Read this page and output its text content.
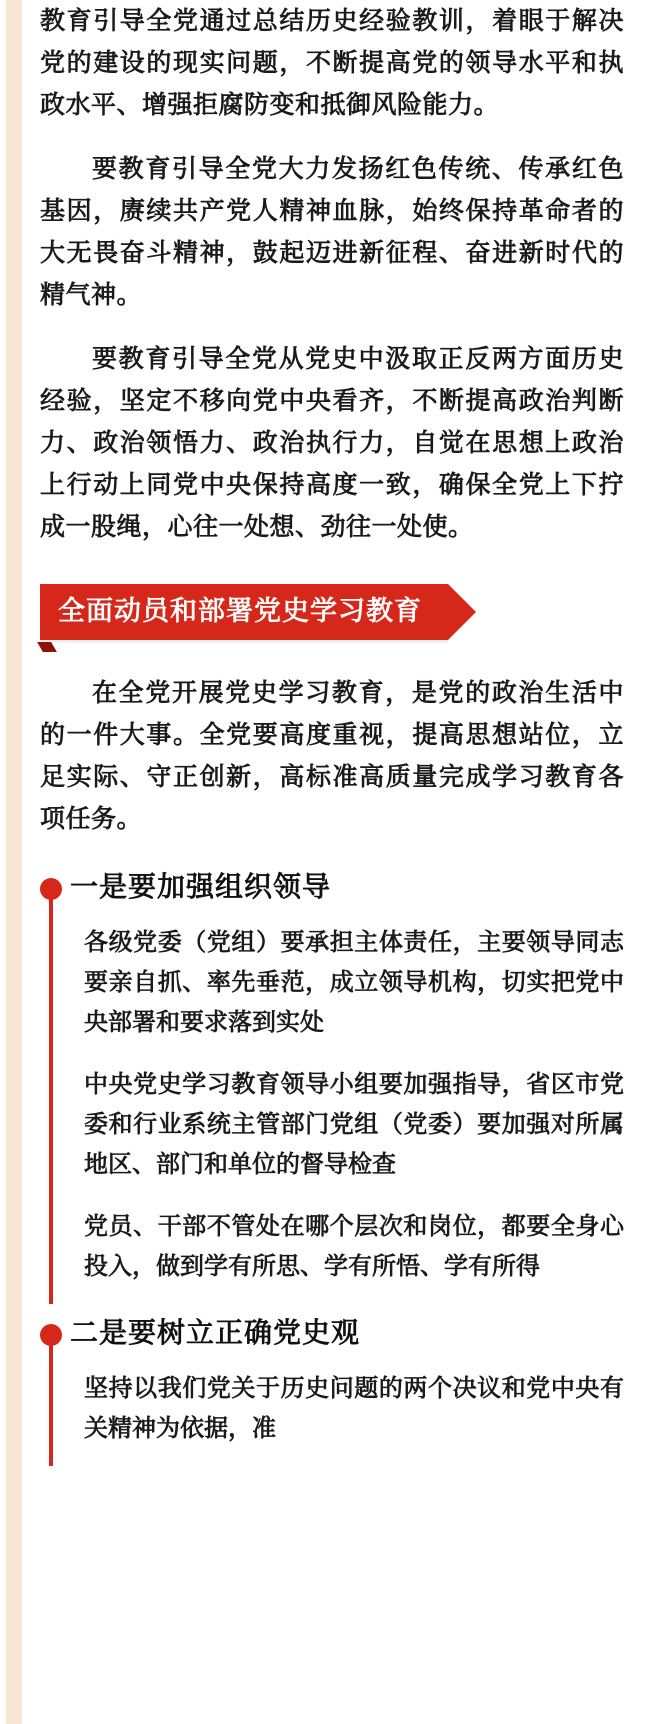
教育引导全党通过总结历史经验教训，着眼于解决党的建设的现实问题，不断提高党的领导水平和执政水平、增强拒腐防变和抵御风险能力。

要教育引导全党大力发扬红色传统、传承红色基因，赓续共产党人精神血脉，始终保持革命者的大无畏奋斗精神，鼓起迈进新征程、奋进新时代的精气神。

要教育引导全党从党史中汲取正反两方面历史经验，坚定不移向党中央看齐，不断提高政治判断力、政治领悟力、政治执行力，自觉在思想上政治上行动上同党中央保持高度一致，确保全党上下拧成一股绳，心往一处想、劲往一处使。

全面动员和部署党史学习教育

在全党开展党史学习教育，是党的政治生活中的一件大事。全党要高度重视，提高思想站位，立足实际、守正创新，高标准高质量完成学习教育各项任务。

一是要加强组织领导

各级党委（党组）要承担主体责任，主要领导同志要亲自抓、率先垂范，成立领导机构，切实把党中央部署和要求落到实处

中央党史学习教育领导小组要加强指导，省区市党委和行业系统主管部门党组（党委）要加强对所属地区、部门和单位的督导检查

党员、干部不管处在哪个层次和岗位，都要全身心投入，做到学有所思、学有所悟、学有所得

二是要树立正确党史观

坚持以我们党关于历史问题的两个决议和党中央有关精神为依据，准
